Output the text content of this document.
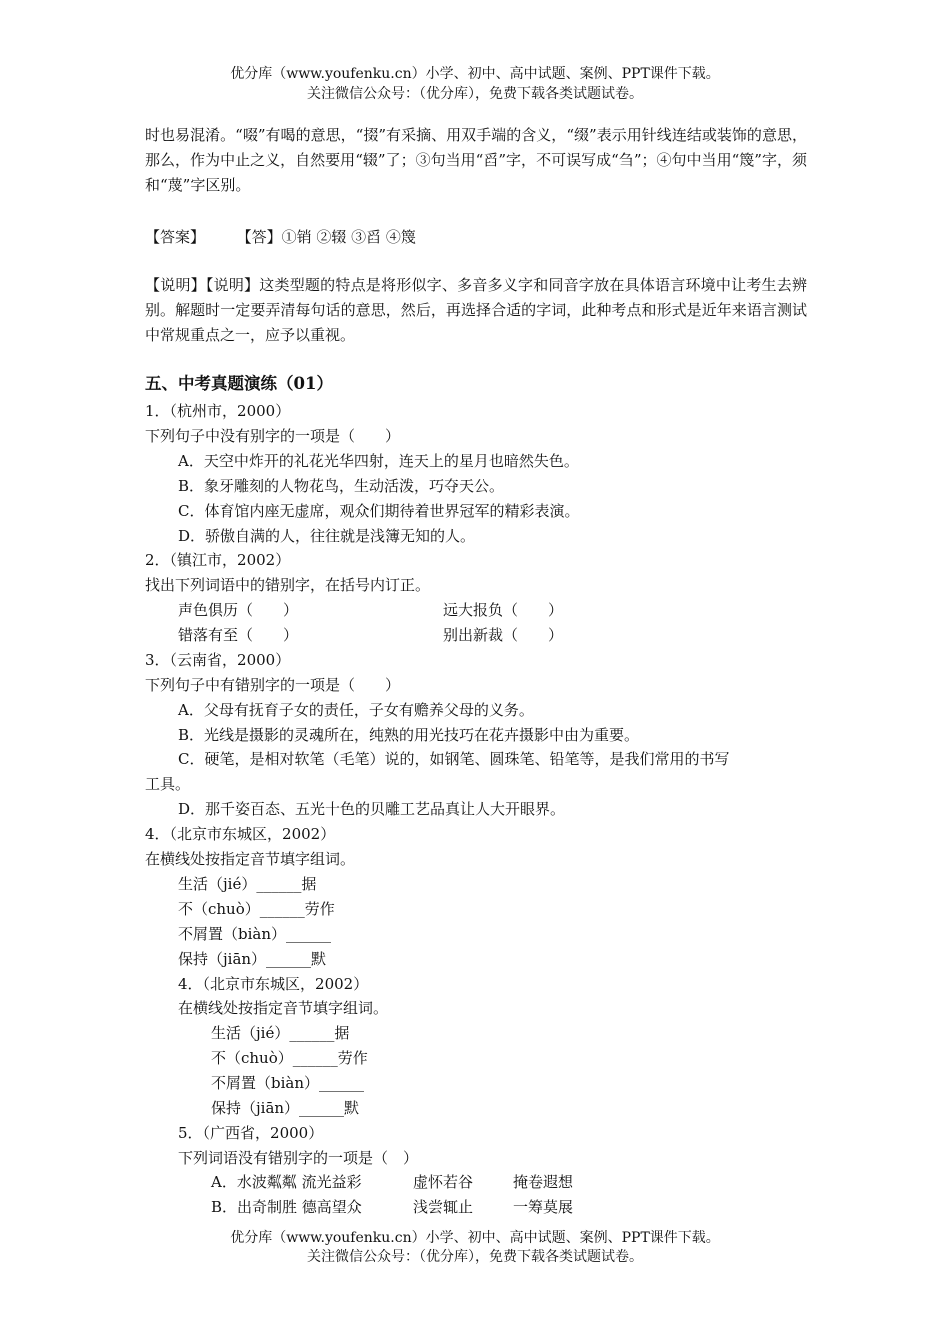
优分库（www.youfenku.cn）小学、初中、高中试题、案例、PPT课件下载。
关注微信公众号：（优分库），免费下载各类试题试卷。
时也易混淆。“啜”有喝的意思，“掇”有采摘、用双手端的含义，“缀”表示用针线连结或装饰的意思，那么，作为中止之义，自然要用“辍”了；③句当用“舀”字，不可误写成“刍”；④句中当用“篾”字，须和“蔑”字区别。
【答案】 【答】①销 ②辍 ③舀 ④篾
【说明】【说明】这类型题的特点是将形似字、多音多义字和同音字放在具体语言环境中让考生去辨别。解题时一定要弄清每句话的意思，然后，再选择合适的字词，此种考点和形式是近年来语言测试中常规重点之一，应予以重视。
五、中考真题演练（01）
1．（杭州市，2000）
下列句子中没有别字的一项是（　　）
A．天空中炸开的礼花光华四射，连天上的星月也暗然失色。
B．象牙雕刻的人物花鸟，生动活泼，巧夺天公。
C．体育馆内座无虚席，观众们期待着世界冠军的精彩表演。
D．骄傲自满的人，往往就是浅簿无知的人。
2．（镇江市，2002）
找出下列词语中的错别字，在括号内订正。
声色俱历（　　）	远大报负（　　）
错落有至（　　）	别出新裁（　　）
3．（云南省，2000）
下列句子中有错别字的一项是（　　）
A．父母有抚育子女的责任，子女有赡养父母的义务。
B．光线是摄影的灵魂所在，纯熟的用光技巧在花卉摄影中由为重要。
C．硬笔，是相对软笔（毛笔）说的，如钢笔、圆珠笔、铅笔等，是我们常用的书写
工具。
D．那千姿百态、五光十色的贝雕工艺品真让人大开眼界。
4．（北京市东城区，2002）
在横线处按指定音节填字组词。
生活（jié）______据
不（chuò）______劳作
不屑置（biàn）______
保持（jiān）______默
4．（北京市东城区，2002）
在横线处按指定音节填字组词。
生活（jié）______据
不（chuò）______劳作
不屑置（biàn）______
保持（jiān）______默
5．（广西省，2000）
下列词语没有错别字的一项是（　）
A．水波粼粼 流光益彩	虚怀若谷	掩卷遐想
B．出奇制胜 德高望众	浅尝辄止	一筹莫展
优分库（www.youfenku.cn）小学、初中、高中试题、案例、PPT课件下载。
关注微信公众号：（优分库），免费下载各类试题试卷。
